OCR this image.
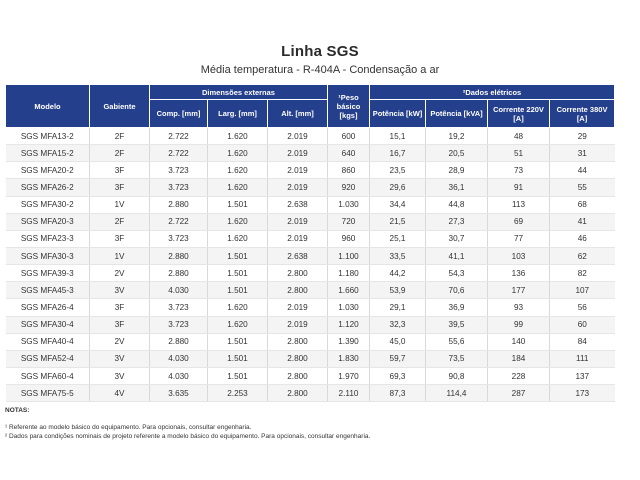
Linha SGS
Média temperatura - R-404A - Condensação a ar
Modelo	Gabiente	Dimensões externas			¹Peso básico [kgs]	²Dados elétricos			
		Comp. [mm]	Larg. [mm]	Alt. [mm]		Potência [kW]	Potência [kVA]	Corrente 220V [A]	Corrente 380V [A]
SGS MFA13-2	2F	2.722	1.620	2.019	600	15,1	19,2	48	29
SGS MFA15-2	2F	2.722	1.620	2.019	640	16,7	20,5	51	31
SGS MFA20-2	3F	3.723	1.620	2.019	860	23,5	28,9	73	44
SGS MFA26-2	3F	3.723	1.620	2.019	920	29,6	36,1	91	55
SGS MFA30-2	1V	2.880	1.501	2.638	1.030	34,4	44,8	113	68
SGS MFA20-3	2F	2.722	1.620	2.019	720	21,5	27,3	69	41
SGS MFA23-3	3F	3.723	1.620	2.019	960	25,1	30,7	77	46
SGS MFA30-3	1V	2.880	1.501	2.638	1.100	33,5	41,1	103	62
SGS MFA39-3	2V	2.880	1.501	2.800	1.180	44,2	54,3	136	82
SGS MFA45-3	3V	4.030	1.501	2.800	1.660	53,9	70,6	177	107
SGS MFA26-4	3F	3.723	1.620	2.019	1.030	29,1	36,9	93	56
SGS MFA30-4	3F	3.723	1.620	2.019	1.120	32,3	39,5	99	60
SGS MFA40-4	2V	2.880	1.501	2.800	1.390	45,0	55,6	140	84
SGS MFA52-4	3V	4.030	1.501	2.800	1.830	59,7	73,5	184	111
SGS MFA60-4	3V	4.030	1.501	2.800	1.970	69,3	90,8	228	137
SGS MFA75-5	4V	3.635	2.253	2.800	2.110	87,3	114,4	287	173
NOTAS:
¹ Referente ao modelo básico do equipamento. Para opcionais, consultar engenharia.
² Dados para condições nominais de projeto referente a modelo básico do equipamento. Para opcionais, consultar engenharia.
